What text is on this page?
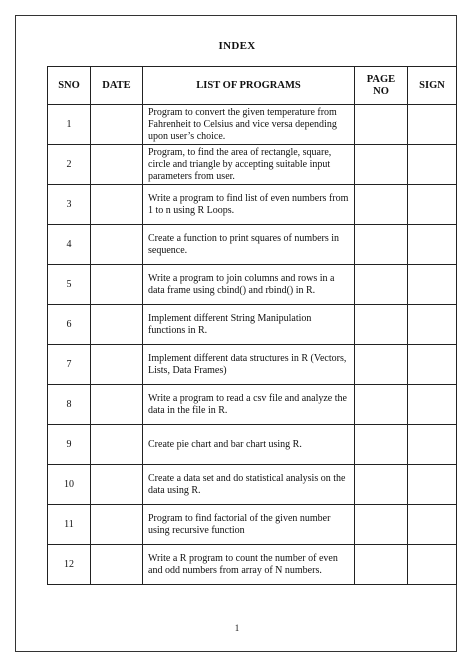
INDEX
SNO	DATE	LIST OF PROGRAMS	PAGE NO	SIGN
1		Program to convert the given temperature from Fahrenheit to Celsius and vice versa depending upon user’s choice.		
2		Program, to find the area of rectangle, square, circle and triangle by accepting suitable input parameters from user.		
3		Write a program to find list of even numbers from 1 to n using R Loops.		
4		Create a function to print squares of numbers in sequence.		
5		Write a program to join columns and rows in a data frame using cbind() and rbind() in R.		
6		Implement different String Manipulation functions in R.		
7		Implement different data structures in R (Vectors, Lists, Data Frames)		
8		Write a program to read a csv file and analyze the data in the file in R.		
9		Create pie chart and bar chart using R.		
10		Create a data set and do statistical analysis on the data using R.		
11		Program to find factorial of the given number using recursive function		
12		Write a R program to count the number of even and odd numbers from array of N numbers.		
1
